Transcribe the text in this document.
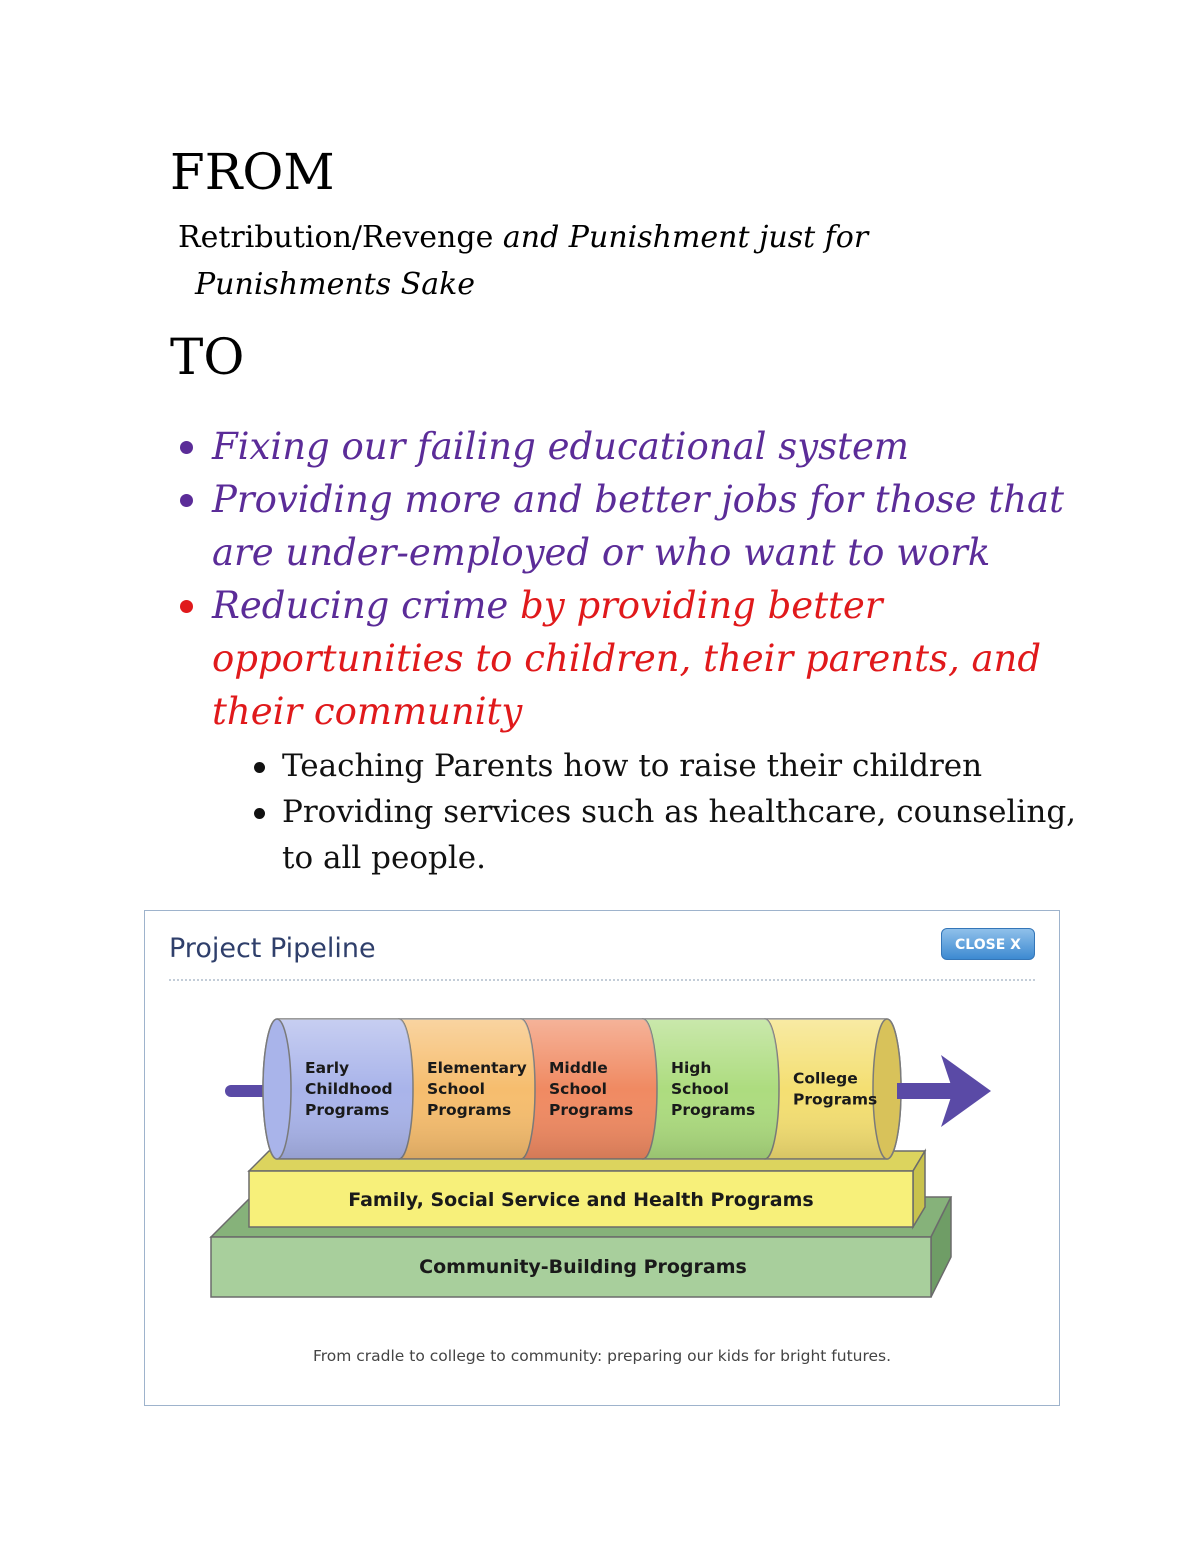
FROM
Retribution/Revenge and Punishment just for
Punishments Sake
TO
Fixing our failing educational system
Providing more and better jobs for those that
are under-employed or who want to work
Reducing crime by providing better
opportunities to children, their parents, and
their community
Teaching Parents how to raise their children
Providing services such as healthcare, counseling,
to all people.
Community-Building Programs
Family, Social Service and Health Programs
College Programs
High School Programs
Middle School Programs
Elementary School Programs
Early Childhood Programs
Project Pipeline	CLOSE X
From cradle to college to community: preparing our kids for bright futures.
